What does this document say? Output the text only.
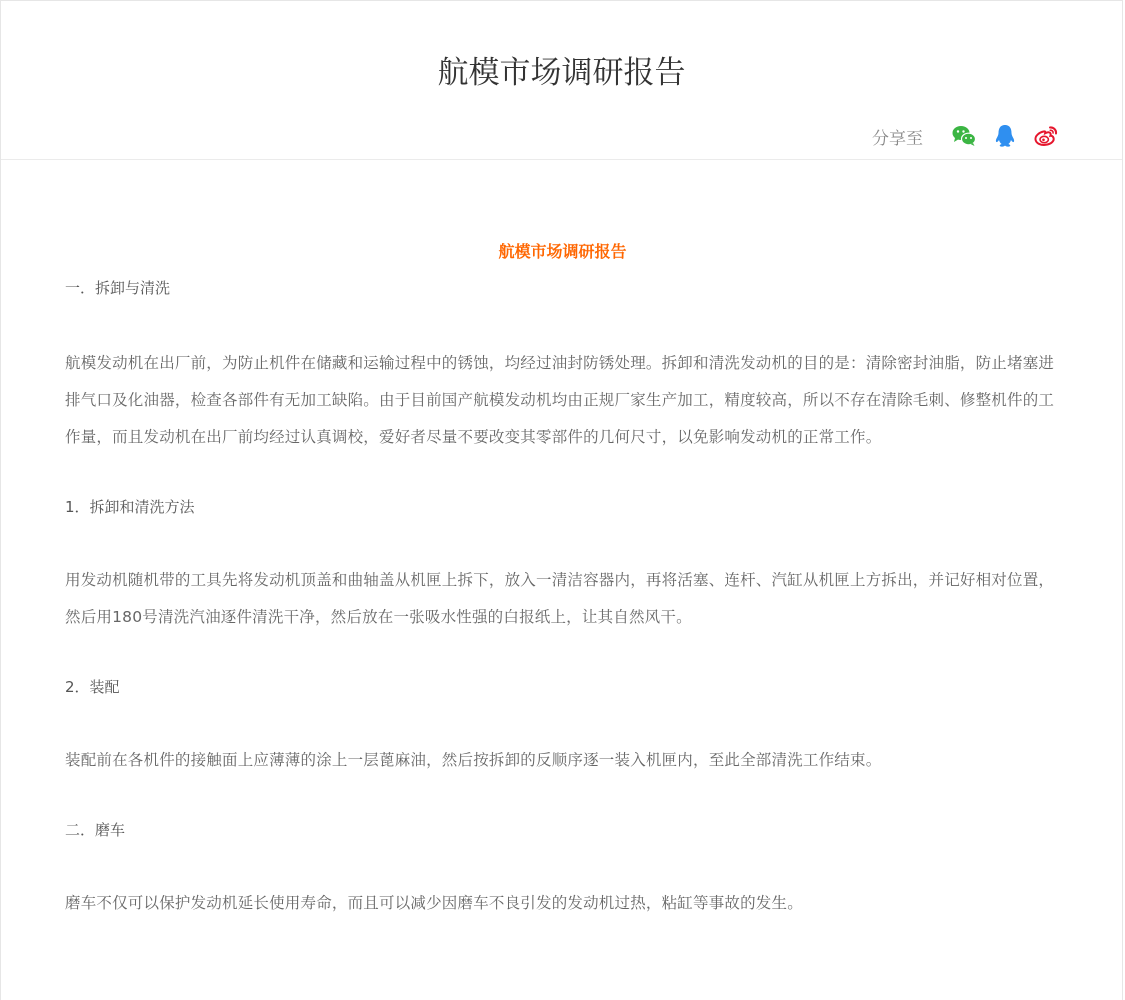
航模市场调研报告
分享至

航模市场调研报告

一．拆卸与清洗

航模发动机在出厂前，为防止机件在储藏和运输过程中的锈蚀，均经过油封防锈处理。拆卸和清洗发动机的目的是：清除密封油脂，防止堵塞进排气口及化油器，检查各部件有无加工缺陷。由于目前国产航模发动机均由正规厂家生产加工，精度较高，所以不存在清除毛刺、修整机件的工作量，而且发动机在出厂前均经过认真调校，爱好者尽量不要改变其零部件的几何尺寸，以免影响发动机的正常工作。

1．拆卸和清洗方法

用发动机随机带的工具先将发动机顶盖和曲轴盖从机匣上拆下，放入一清洁容器内，再将活塞、连杆、汽缸从机匣上方拆出，并记好相对位置，然后用180号清洗汽油逐件清洗干净，然后放在一张吸水性强的白报纸上，让其自然风干。

2．装配

装配前在各机件的接触面上应薄薄的涂上一层蓖麻油，然后按拆卸的反顺序逐一装入机匣内，至此全部清洗工作结束。

二．磨车

磨车不仅可以保护发动机延长使用寿命，而且可以减少因磨车不良引发的发动机过热，粘缸等事故的发生。
